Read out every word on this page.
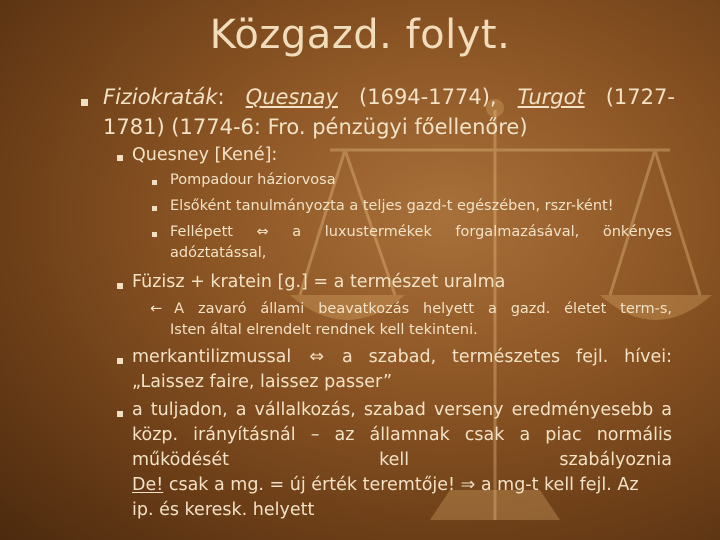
Közgazd. folyt.
Fiziokraták: Quesnay (1694-1774), Turgot (1727-
1781) (1774-6: Fro. pénzügyi főellenőre)
Quesney [Kené]:
Pompadour háziorvosa
Elsőként tanulmányozta a teljes gazd-t egészében, rszr-ként!
Fellépett ⇔ a luxustermékek forgalmazásával, önkényes
adóztatással,
Füzisz + kratein [g.] = a természet uralma
← A zavaró állami beavatkozás helyett a gazd. életet term-s,
Isten által elrendelt rendnek kell tekinteni.
merkantilizmussal ⇔ a szabad, természetes fejl. hívei:
„Laissez faire, laissez passer”
a tuljadon, a vállalkozás, szabad verseny eredményesebb a
közp. irányításnál – az államnak csak a piac normális
működését	kell	szabályoznia
De! csak a mg. = új érték teremtője! ⇒ a mg-t kell fejl. Az
ip. és keresk. helyett
